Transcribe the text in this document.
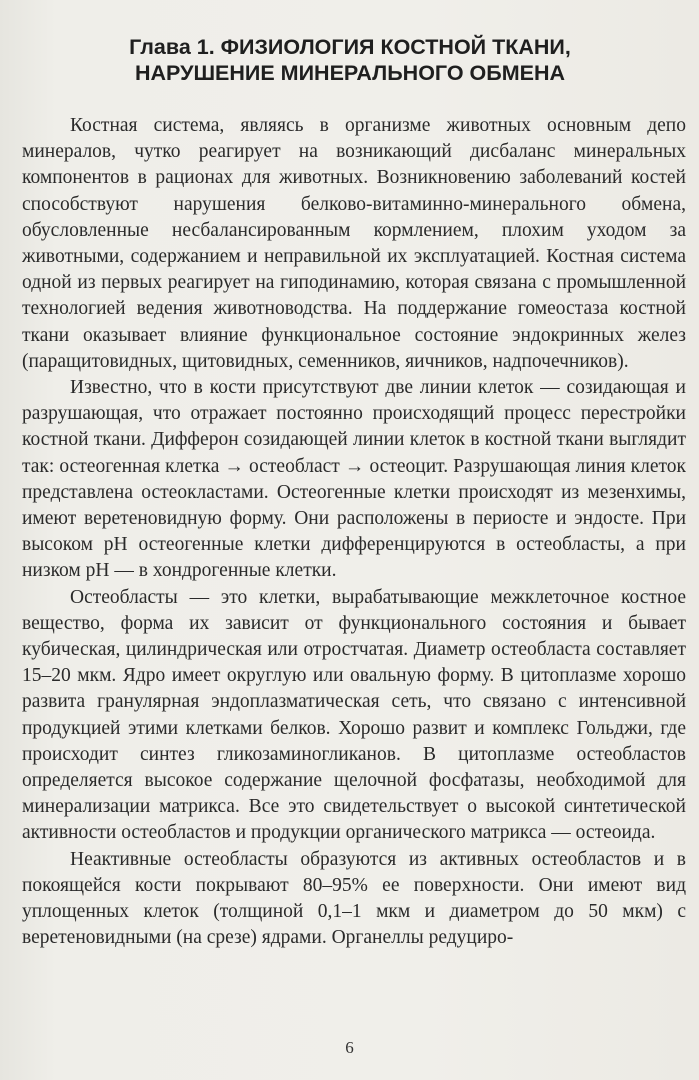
Глава 1. ФИЗИОЛОГИЯ КОСТНОЙ ТКАНИ,
НАРУШЕНИЕ МИНЕРАЛЬНОГО ОБМЕНА

Костная система, являясь в организме животных основным депо минералов, чутко реагирует на возникающий дисбаланс минеральных компонентов в рационах для животных. Возникновению заболеваний костей способствуют нарушения белково-витаминно-минерального обмена, обусловленные несбалансированным кормлением, плохим уходом за животными, содержанием и неправильной их эксплуатацией. Костная система одной из первых реагирует на гиподинамию, которая связана с промышленной технологией ведения животноводства. На поддержание гомеостаза костной ткани оказывает влияние функциональное состояние эндокринных желез (паращитовидных, щитовидных, семенников, яичников, надпочечников).

Известно, что в кости присутствуют две линии клеток — созидающая и разрушающая, что отражает постоянно происходящий процесс перестройки костной ткани. Дифферон созидающей линии клеток в костной ткани выглядит так: остеогенная клетка → остеобласт → остеоцит. Разрушающая линия клеток представлена остеокластами. Остеогенные клетки происходят из мезенхимы, имеют веретеновидную форму. Они расположены в периосте и эндосте. При высоком pH остеогенные клетки дифференцируются в остеобласты, а при низком pH — в хондрогенные клетки.

Остеобласты — это клетки, вырабатывающие межклеточное костное вещество, форма их зависит от функционального состояния и бывает кубическая, цилиндрическая или отростчатая. Диаметр остеобласта составляет 15–20 мкм. Ядро имеет округлую или овальную форму. В цитоплазме хорошо развита гранулярная эндоплазматическая сеть, что связано с интенсивной продукцией этими клетками белков. Хорошо развит и комплекс Гольджи, где происходит синтез гликозаминогликанов. В цитоплазме остеобластов определяется высокое содержание щелочной фосфатазы, необходимой для минерализации матрикса. Все это свидетельствует о высокой синтетической активности остеобластов и продукции органического матрикса — остеоида.

Неактивные остеобласты образуются из активных остеобластов и в покоящейся кости покрывают 80–95% ее поверхности. Они имеют вид уплощенных клеток (толщиной 0,1–1 мкм и диаметром до 50 мкм) с веретеновидными (на срезе) ядрами. Органеллы редуциро-

6
